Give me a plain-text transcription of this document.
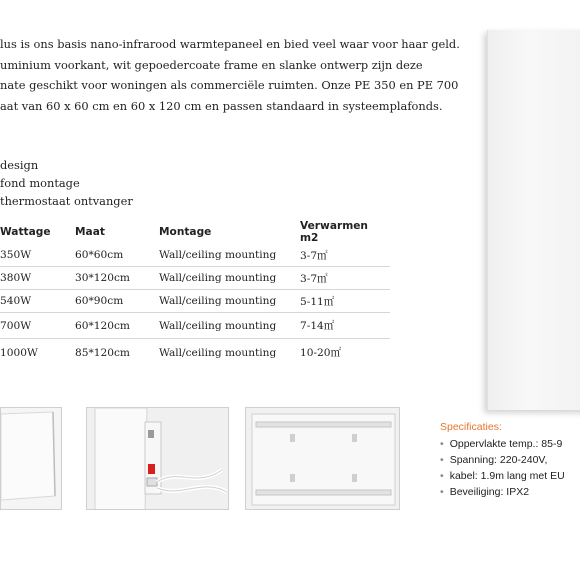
lus is ons basis nano-infrarood warmtepaneel en bied veel waar voor haar geld.
uminium voorkant, wit gepoedercoate frame en slanke ontwerp zijn deze
nate geschikt voor woningen als commerciële ruimten. Onze PE 350 en PE 700
aat van 60 x 60 cm en 60 x 120 cm en passen standaard in systeemplafonds.
design
fond montage
thermostaat ontvanger
Wattage	Maat	Montage	Verwarmen m2
350W	60*60cm	Wall/ceiling mounting	3-7㎡
380W	30*120cm	Wall/ceiling mounting	3-7㎡
540W	60*90cm	Wall/ceiling mounting	5-11㎡
700W	60*120cm	Wall/ceiling mounting	7-14㎡
1000W	85*120cm	Wall/ceiling mounting	10-20㎡
Specificaties:
• Oppervlakte temp.: 85-9
• Spanning: 220-240V,
• kabel: 1.9m lang met EU
• Beveiliging: IPX2
